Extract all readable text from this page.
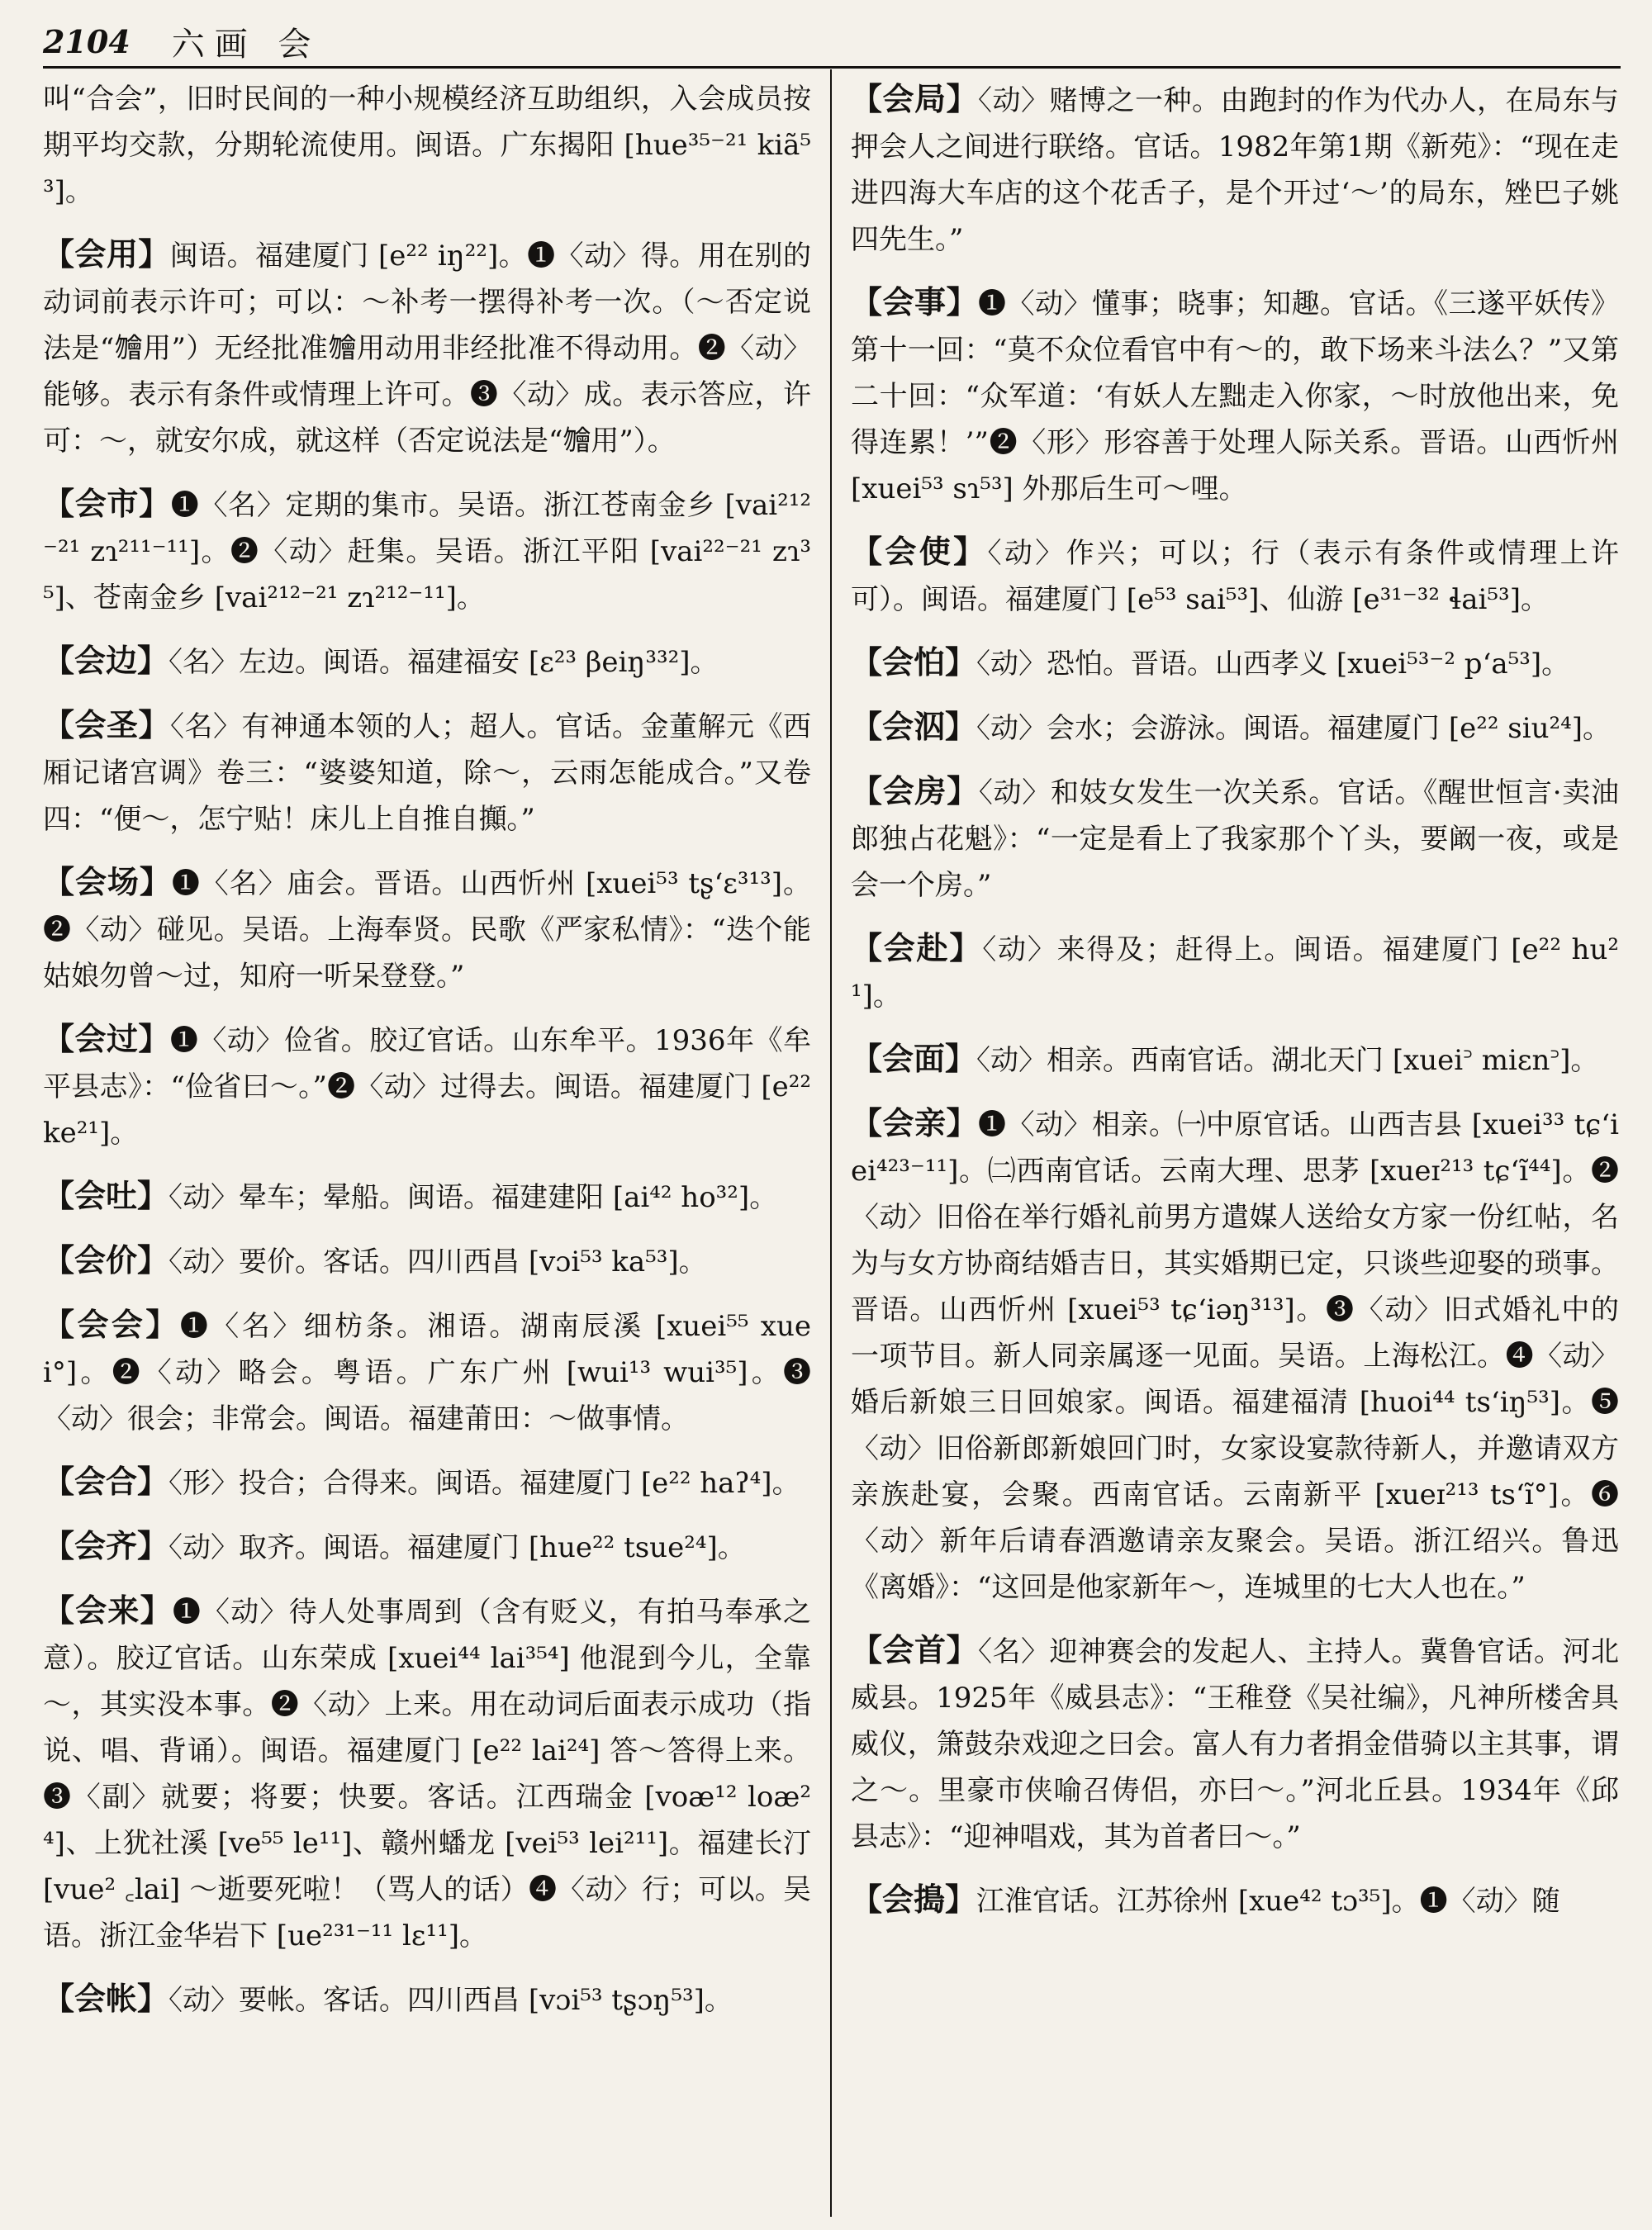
2104 六画 会
叫“合会”，旧时民间的一种小规模经济互助组织，入会成员按期平均交款，分期轮流使用。闽语。广东揭阳 [hue³⁵⁻²¹ kiã⁵³]。
【会用】闽语。福建厦门 [e²² iŋ²²]。❶〈动〉得。用在别的动词前表示许可；可以：～补考一摆得补考一次。（～否定说法是“𣍐用”）无经批准𣍐用动用非经批准不得动用。❷〈动〉能够。表示有条件或情理上许可。❸〈动〉成。表示答应，许可：～，就安尔成，就这样（否定说法是“𣍐用”）。
【会市】❶〈名〉定期的集市。吴语。浙江苍南金乡 [vai²¹²⁻²¹ zɿ²¹¹⁻¹¹]。❷〈动〉赶集。吴语。浙江平阳 [vai²²⁻²¹ zɿ³⁵]、苍南金乡 [vai²¹²⁻²¹ zɿ²¹²⁻¹¹]。
【会边】〈名〉左边。闽语。福建福安 [ɛ²³ βeiŋ³³²]。
【会圣】〈名〉有神通本领的人；超人。官话。金董解元《西厢记诸宫调》卷三：“婆婆知道，除～，云雨怎能成合。”又卷四：“便～，怎宁贴！床儿上自推自攧。”
【会场】❶〈名〉庙会。晋语。山西忻州 [xuei⁵³ tʂʻɛ³¹³]。❷〈动〉碰见。吴语。上海奉贤。民歌《严家私情》：“迭个能姑娘勿曾～过，知府一听呆登登。”
【会过】❶〈动〉俭省。胶辽官话。山东牟平。1936年《牟平县志》：“俭省曰～。”❷〈动〉过得去。闽语。福建厦门 [e²² ke²¹]。
【会吐】〈动〉晕车；晕船。闽语。福建建阳 [ai⁴² ho³²]。
【会价】〈动〉要价。客话。四川西昌 [vɔi⁵³ ka⁵³]。
【会会】❶〈名〉细枋条。湘语。湖南辰溪 [xuei⁵⁵ xuei°]。❷〈动〉略会。粤语。广东广州 [wui¹³ wui³⁵]。❸〈动〉很会；非常会。闽语。福建莆田：～做事情。
【会合】〈形〉投合；合得来。闽语。福建厦门 [e²² haʔ⁴]。
【会齐】〈动〉取齐。闽语。福建厦门 [hue²² tsue²⁴]。
【会来】❶〈动〉待人处事周到（含有贬义，有拍马奉承之意）。胶辽官话。山东荣成 [xuei⁴⁴ lai³⁵⁴] 他混到今儿，全靠～，其实没本事。❷〈动〉上来。用在动词后面表示成功（指说、唱、背诵）。闽语。福建厦门 [e²² lai²⁴] 答～答得上来。❸〈副〉就要；将要；快要。客话。江西瑞金 [voæ¹² loæ²⁴]、上犹社溪 [ve⁵⁵ le¹¹]、赣州蟠龙 [vei⁵³ lei²¹¹]。福建长汀 [vue² ꜀lai] ～逝要死啦！（骂人的话）❹〈动〉行；可以。吴语。浙江金华岩下 [ue²³¹⁻¹¹ lɛ¹¹]。
【会帐】〈动〉要帐。客话。四川西昌 [vɔi⁵³ tʂɔŋ⁵³]。
【会局】〈动〉赌博之一种。由跑封的作为代办人，在局东与押会人之间进行联络。官话。1982年第1期《新苑》：“现在走进四海大车店的这个花舌子，是个开过‘～’的局东，矬巴子姚四先生。”
【会事】❶〈动〉懂事；晓事；知趣。官话。《三遂平妖传》第十一回：“莫不众位看官中有～的，敢下场来斗法么？”又第二十回：“众军道：‘有妖人左黜走入你家，～时放他出来，免得连累！’”❷〈形〉形容善于处理人际关系。晋语。山西忻州 [xuei⁵³ sɿ⁵³] 外那后生可～哩。
【会使】〈动〉作兴；可以；行（表示有条件或情理上许可）。闽语。福建厦门 [e⁵³ sai⁵³]、仙游 [e³¹⁻³² ɬai⁵³]。
【会怕】〈动〉恐怕。晋语。山西孝义 [xuei⁵³⁻² pʻa⁵³]。
【会泅】〈动〉会水；会游泳。闽语。福建厦门 [e²² siu²⁴]。
【会房】〈动〉和妓女发生一次关系。官话。《醒世恒言·卖油郎独占花魁》：“一定是看上了我家那个丫头，要阚一夜，或是会一个房。”
【会赴】〈动〉来得及；赶得上。闽语。福建厦门 [e²² hu²¹]。
【会面】〈动〉相亲。西南官话。湖北天门 [xuei꜄ miɛn꜄]。
【会亲】❶〈动〉相亲。㈠中原官话。山西吉县 [xuei³³ tɕʻiei⁴²³⁻¹¹]。㈡西南官话。云南大理、思茅 [xueɪ²¹³ tɕʻĩ⁴⁴]。❷〈动〉旧俗在举行婚礼前男方遣媒人送给女方家一份红帖，名为与女方协商结婚吉日，其实婚期已定，只谈些迎娶的琐事。晋语。山西忻州 [xuei⁵³ tɕʻiəŋ³¹³]。❸〈动〉旧式婚礼中的一项节目。新人同亲属逐一见面。吴语。上海松江。❹〈动〉婚后新娘三日回娘家。闽语。福建福清 [huoi⁴⁴ tsʻiŋ⁵³]。❺〈动〉旧俗新郎新娘回门时，女家设宴款待新人，并邀请双方亲族赴宴，会聚。西南官话。云南新平 [xueɪ²¹³ tsʻĩ°]。❻〈动〉新年后请春酒邀请亲友聚会。吴语。浙江绍兴。鲁迅《离婚》：“这回是他家新年～，连城里的七大人也在。”
【会首】〈名〉迎神赛会的发起人、主持人。冀鲁官话。河北威县。1925年《威县志》：“王稚登《吴社编》，凡神所楼舍具威仪，箫鼓杂戏迎之曰会。富人有力者捐金借骑以主其事，谓之～。里豪市侠喻召俦侣，亦曰～。”河北丘县。1934年《邱县志》：“迎神唱戏，其为首者曰～。”
【会搗】江淮官话。江苏徐州 [xue⁴² tɔ³⁵]。❶〈动〉随
